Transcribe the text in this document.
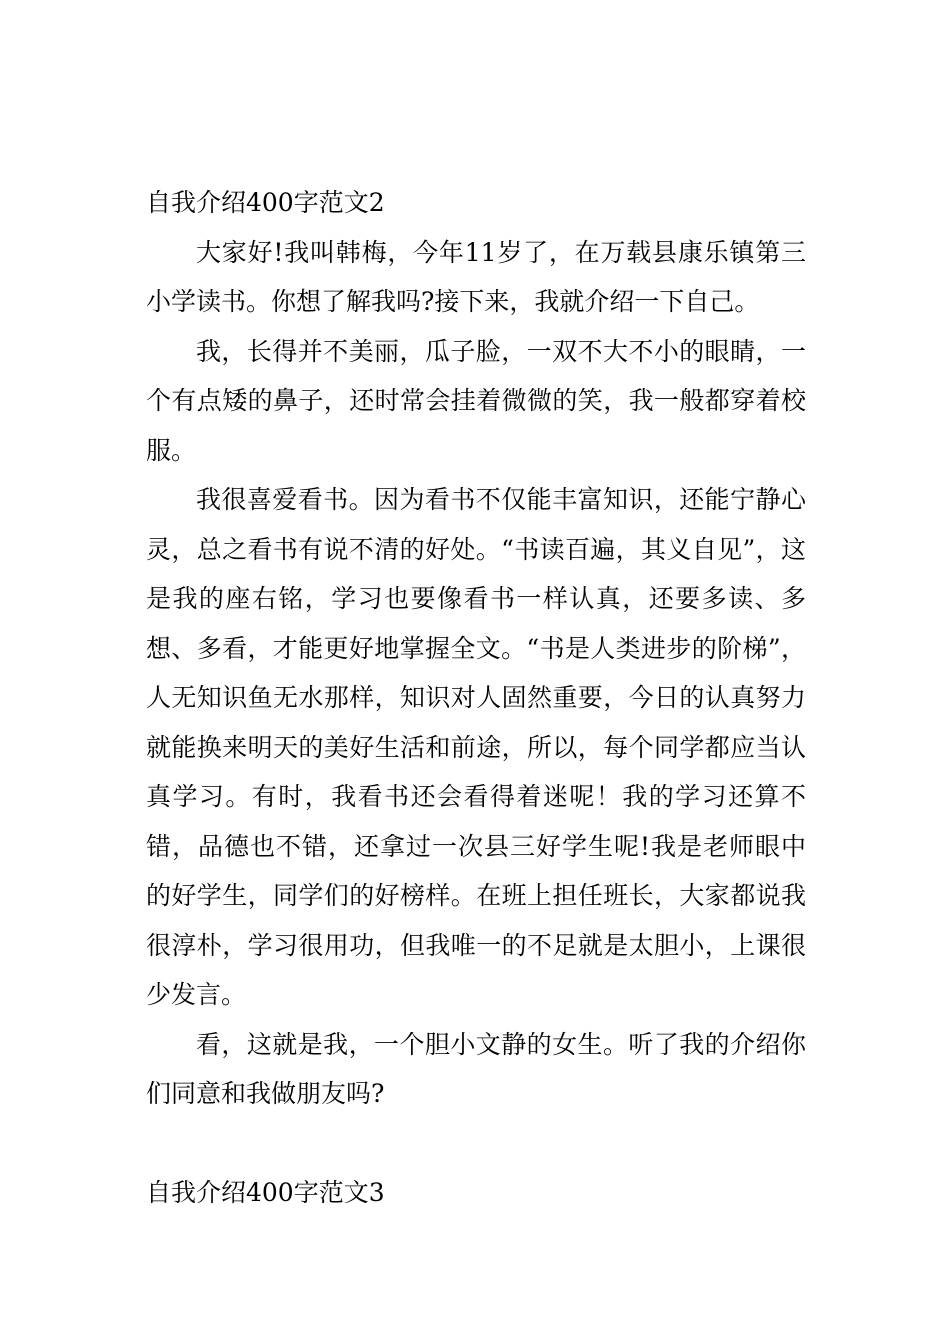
自我介绍400字范文2

大家好!我叫韩梅，今年11岁了，在万载县康乐镇第三小学读书。你想了解我吗?接下来，我就介绍一下自己。

我，长得并不美丽，瓜子脸，一双不大不小的眼睛，一个有点矮的鼻子，还时常会挂着微微的笑，我一般都穿着校服。

我很喜爱看书。因为看书不仅能丰富知识，还能宁静心灵，总之看书有说不清的好处。“书读百遍，其义自见”，这是我的座右铭，学习也要像看书一样认真，还要多读、多想、多看，才能更好地掌握全文。“书是人类进步的阶梯”，人无知识鱼无水那样，知识对人固然重要，今日的认真努力就能换来明天的美好生活和前途，所以，每个同学都应当认真学习。有时，我看书还会看得着迷呢！我的学习还算不错，品德也不错，还拿过一次县三好学生呢!我是老师眼中的好学生，同学们的好榜样。在班上担任班长，大家都说我很淳朴，学习很用功，但我唯一的不足就是太胆小，上课很少发言。

看，这就是我，一个胆小文静的女生。听了我的介绍你们同意和我做朋友吗?

自我介绍400字范文3
